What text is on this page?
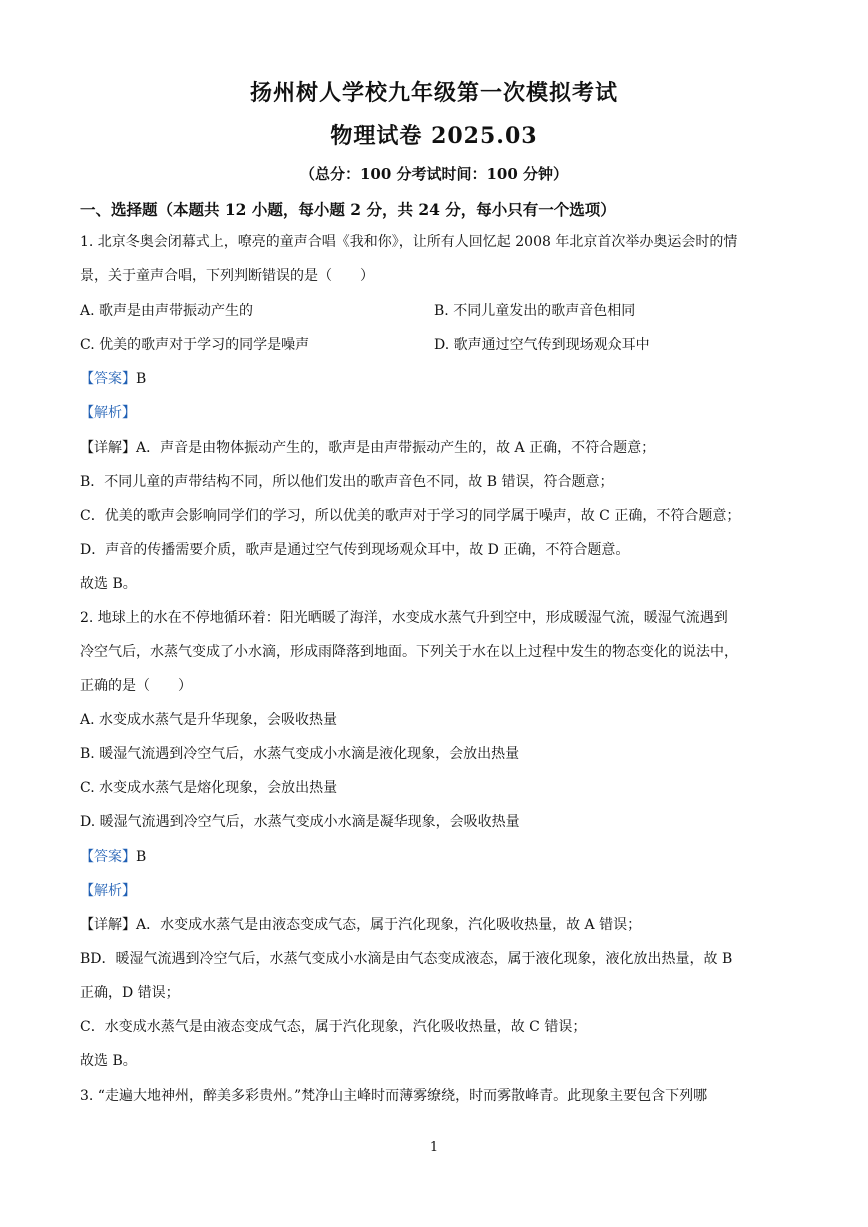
扬州树人学校九年级第一次模拟考试
物理试卷 2025.03
（总分：100 分考试时间：100 分钟）
一、选择题（本题共 12 小题，每小题 2 分，共 24 分，每小只有一个选项）
1. 北京冬奥会闭幕式上，嘹亮的童声合唱《我和你》，让所有人回忆起 2008 年北京首次举办奥运会时的情
景，关于童声合唱，下列判断错误的是（　　）
A. 歌声是由声带振动产生的	B. 不同儿童发出的歌声音色相同
C. 优美的歌声对于学习的同学是噪声	D. 歌声通过空气传到现场观众耳中
【答案】B
【解析】
【详解】A．声音是由物体振动产生的，歌声是由声带振动产生的，故 A 正确，不符合题意；
B．不同儿童的声带结构不同，所以他们发出的歌声音色不同，故 B 错误，符合题意；
C．优美的歌声会影响同学们的学习，所以优美的歌声对于学习的同学属于噪声，故 C 正确，不符合题意；
D．声音的传播需要介质，歌声是通过空气传到现场观众耳中，故 D 正确，不符合题意。
故选 B。
2. 地球上的水在不停地循环着：阳光晒暖了海洋，水变成水蒸气升到空中，形成暖湿气流，暖湿气流遇到
冷空气后，水蒸气变成了小水滴，形成雨降落到地面。下列关于水在以上过程中发生的物态变化的说法中，
正确的是（　　）
A. 水变成水蒸气是升华现象，会吸收热量
B. 暖湿气流遇到冷空气后，水蒸气变成小水滴是液化现象，会放出热量
C. 水变成水蒸气是熔化现象，会放出热量
D. 暖湿气流遇到冷空气后，水蒸气变成小水滴是凝华现象，会吸收热量
【答案】B
【解析】
【详解】A．水变成水蒸气是由液态变成气态，属于汽化现象，汽化吸收热量，故 A 错误；
BD．暖湿气流遇到冷空气后，水蒸气变成小水滴是由气态变成液态，属于液化现象，液化放出热量，故 B
正确，D 错误；
C．水变成水蒸气是由液态变成气态，属于汽化现象，汽化吸收热量，故 C 错误；
故选 B。
3. “走遍大地神州，醉美多彩贵州。”梵净山主峰时而薄雾缭绕，时而雾散峰青。此现象主要包含下列哪
1
